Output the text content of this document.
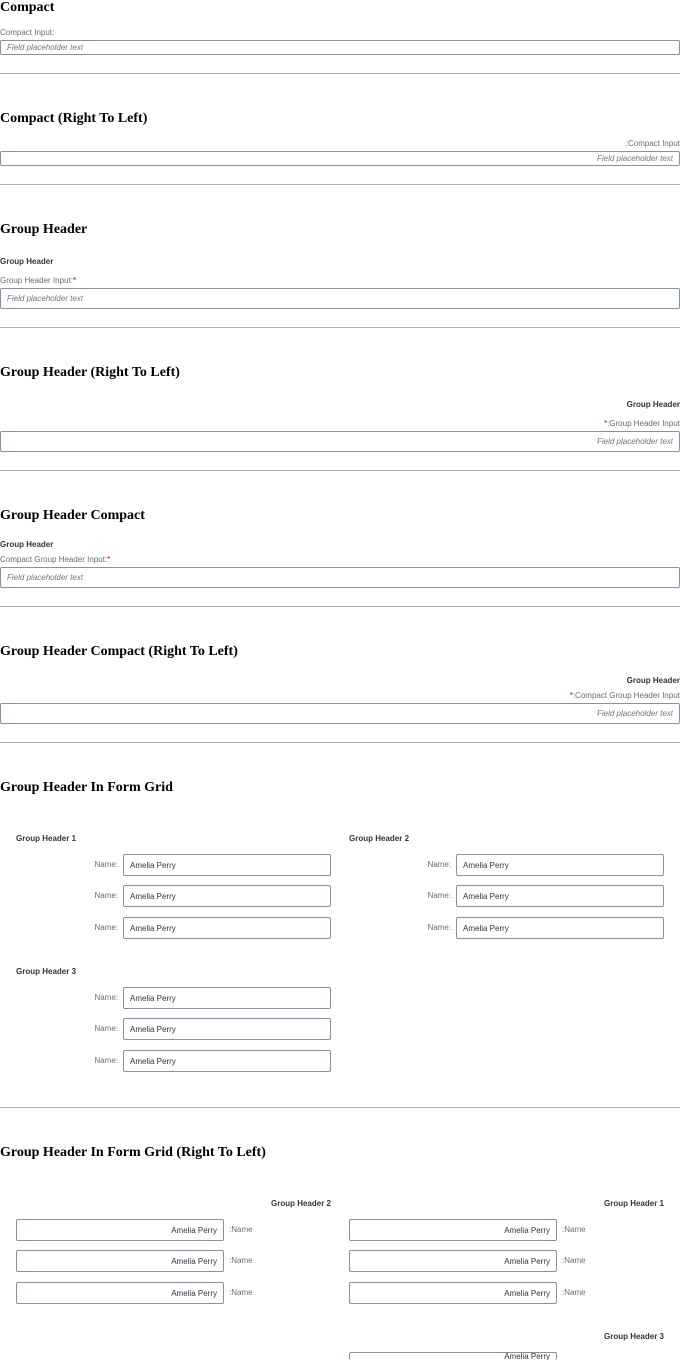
Compact
Compact Input:
Field placeholder text
Compact (Right To Left)
:Compact Input
Field placeholder text
Group Header
Group Header
Group Header Input:*
Field placeholder text
Group Header (Right To Left)
Group Header
*:Group Header Input
Field placeholder text
Group Header Compact
Group Header
Compact Group Header Input:*
Field placeholder text
Group Header Compact (Right To Left)
Group Header
*:Compact Group Header Input
Field placeholder text
Group Header In Form Grid
Group Header 1
Name:
Amelia Perry
Name:
Amelia Perry
Name:
Amelia Perry
Group Header 2
Name:
Amelia Perry
Name:
Amelia Perry
Name:
Amelia Perry
Group Header 3
Name:
Amelia Perry
Name:
Amelia Perry
Name:
Amelia Perry
Group Header In Form Grid (Right To Left)
Group Header 1
Amelia Perry
:Name
Amelia Perry
:Name
Amelia Perry
:Name
Group Header 2
Amelia Perry
:Name
Amelia Perry
:Name
Amelia Perry
:Name
Group Header 3
Amelia Perry
